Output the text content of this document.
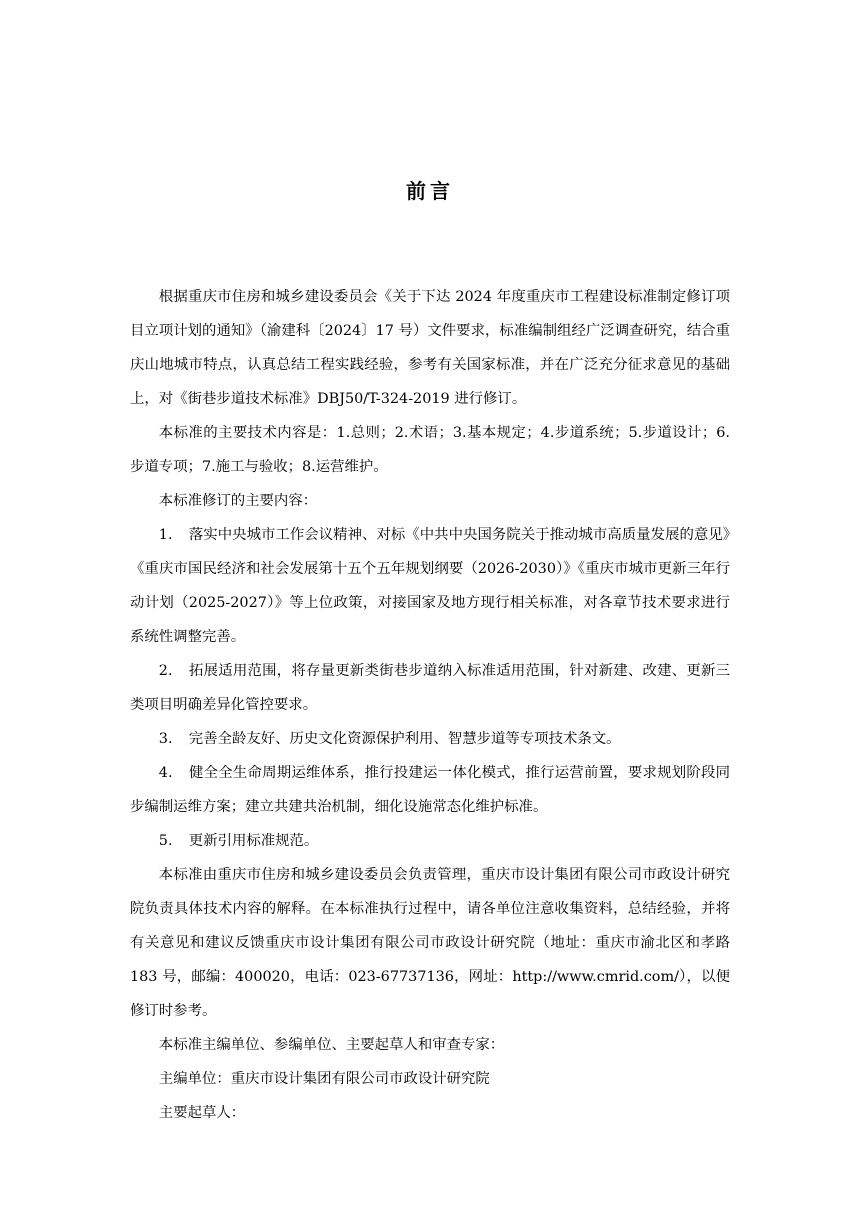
前言

根据重庆市住房和城乡建设委员会《关于下达 2024 年度重庆市工程建设标准制定修订项目立项计划的通知》（渝建科〔2024〕17 号）文件要求，标准编制组经广泛调查研究，结合重庆山地城市特点，认真总结工程实践经验，参考有关国家标准，并在广泛充分征求意见的基础上，对《街巷步道技术标准》DBJ50/T-324-2019 进行修订。

本标准的主要技术内容是：1.总则；2.术语；3.基本规定；4.步道系统；5.步道设计；6.步道专项；7.施工与验收；8.运营维护。

本标准修订的主要内容：

1. 落实中央城市工作会议精神、对标《中共中央国务院关于推动城市高质量发展的意见》《重庆市国民经济和社会发展第十五个五年规划纲要（2026-2030）》《重庆市城市更新三年行动计划（2025-2027）》等上位政策，对接国家及地方现行相关标准，对各章节技术要求进行系统性调整完善。

2. 拓展适用范围，将存量更新类街巷步道纳入标准适用范围，针对新建、改建、更新三类项目明确差异化管控要求。

3. 完善全龄友好、历史文化资源保护利用、智慧步道等专项技术条文。

4. 健全全生命周期运维体系，推行投建运一体化模式，推行运营前置，要求规划阶段同步编制运维方案；建立共建共治机制，细化设施常态化维护标准。

5. 更新引用标准规范。

本标准由重庆市住房和城乡建设委员会负责管理，重庆市设计集团有限公司市政设计研究院负责具体技术内容的解释。在本标准执行过程中，请各单位注意收集资料，总结经验，并将有关意见和建议反馈重庆市设计集团有限公司市政设计研究院（地址：重庆市渝北区和孝路 183 号，邮编：400020，电话：023-67737136，网址：http://www.cmrid.com/），以便修订时参考。

本标准主编单位、参编单位、主要起草人和审查专家：

主编单位：重庆市设计集团有限公司市政设计研究院

主要起草人：
